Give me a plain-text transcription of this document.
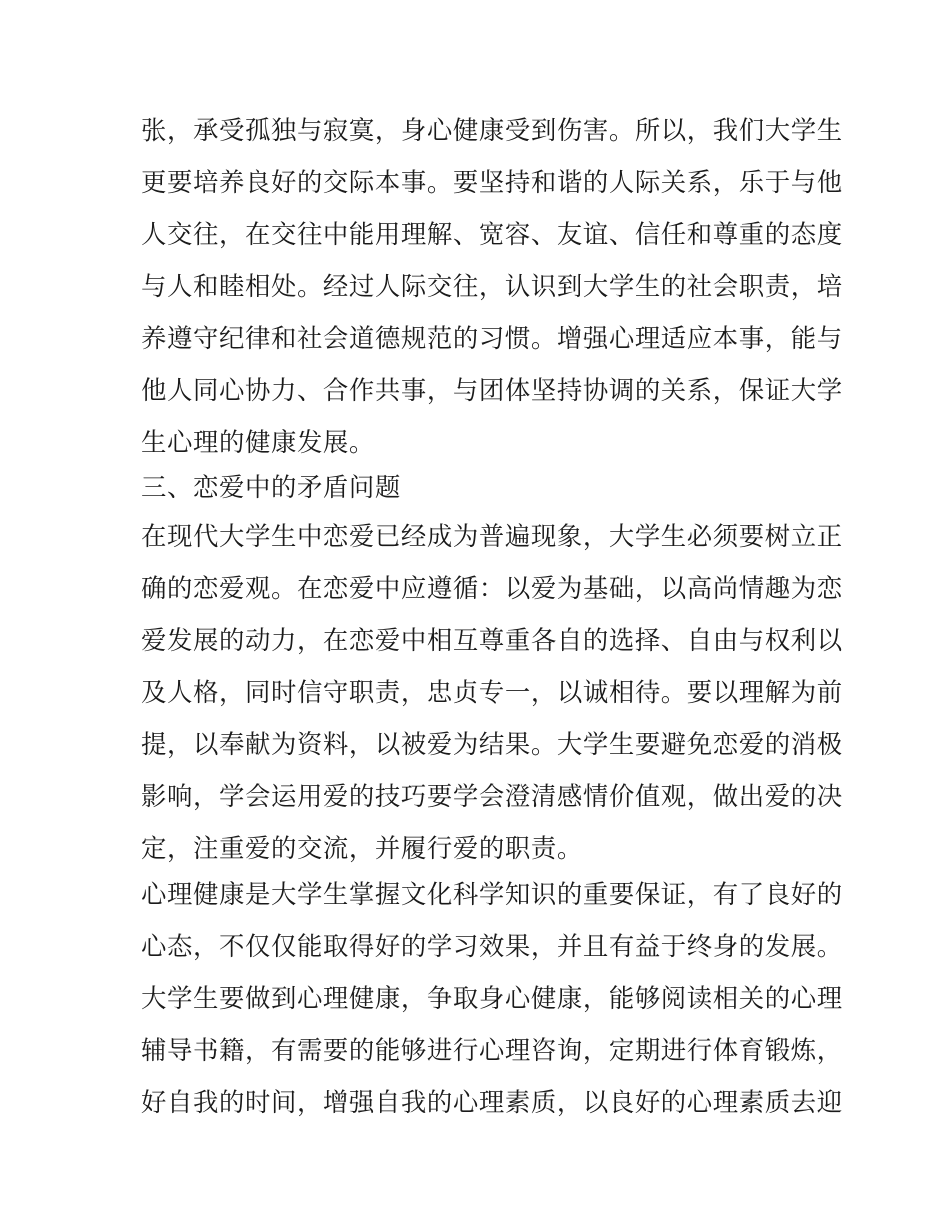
张，承受孤独与寂寞，身心健康受到伤害。所以，我们大学生
更要培养良好的交际本事。要坚持和谐的人际关系，乐于与他
人交往，在交往中能用理解、宽容、友谊、信任和尊重的态度
与人和睦相处。经过人际交往，认识到大学生的社会职责，培
养遵守纪律和社会道德规范的习惯。增强心理适应本事，能与
他人同心协力、合作共事，与团体坚持协调的关系，保证大学
生心理的健康发展。
三、恋爱中的矛盾问题
在现代大学生中恋爱已经成为普遍现象，大学生必须要树立正
确的恋爱观。在恋爱中应遵循：以爱为基础，以高尚情趣为恋
爱发展的动力，在恋爱中相互尊重各自的选择、自由与权利以
及人格，同时信守职责，忠贞专一，以诚相待。要以理解为前
提，以奉献为资料，以被爱为结果。大学生要避免恋爱的消极
影响，学会运用爱的技巧要学会澄清感情价值观，做出爱的决
定，注重爱的交流，并履行爱的职责。
心理健康是大学生掌握文化科学知识的重要保证，有了良好的
心态，不仅仅能取得好的学习效果，并且有益于终身的发展。
大学生要做到心理健康，争取身心健康，能够阅读相关的心理
辅导书籍，有需要的能够进行心理咨询，定期进行体育锻炼，
好自我的时间，增强自我的心理素质，以良好的心理素质去迎
